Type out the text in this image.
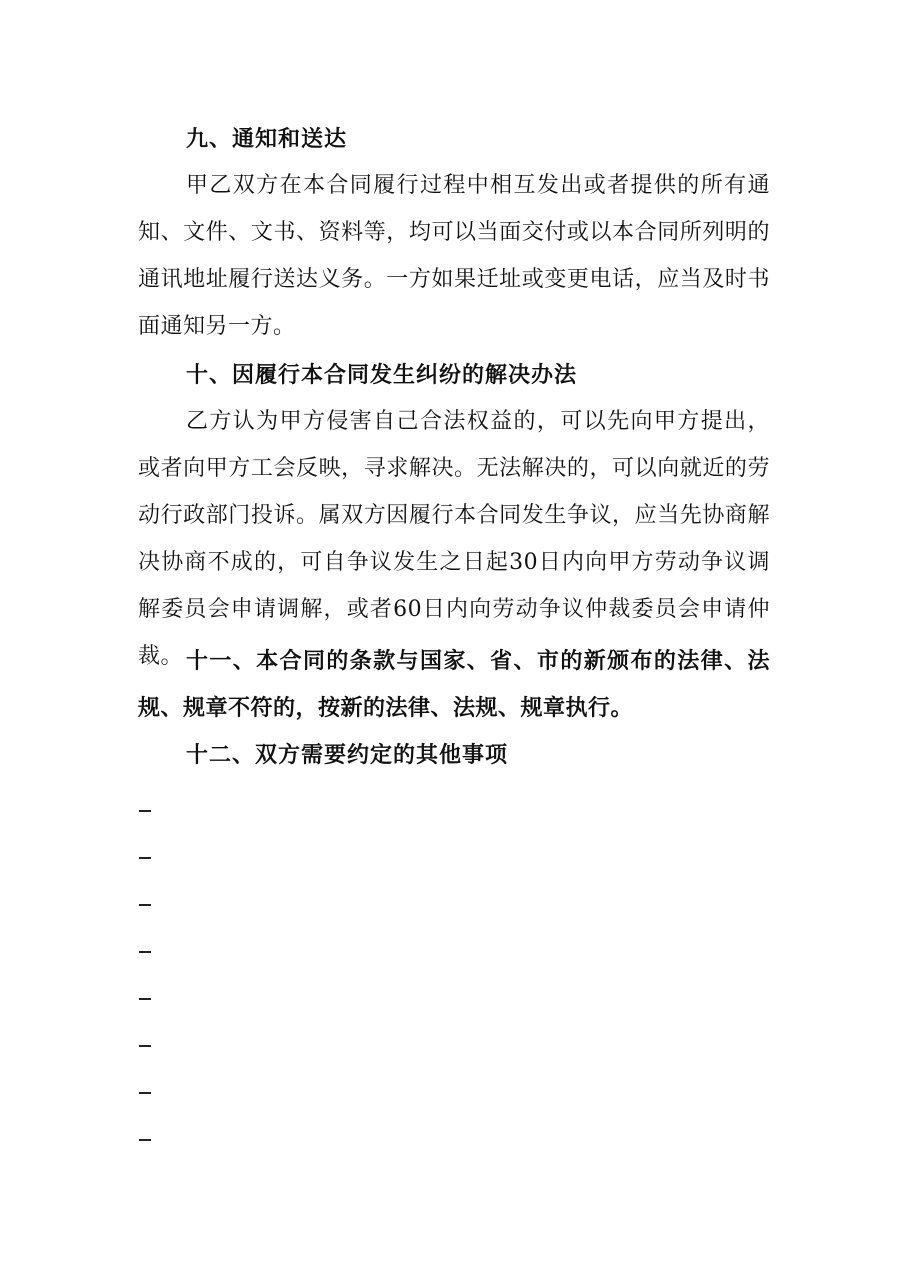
九、通知和送达
甲乙双方在本合同履行过程中相互发出或者提供的所有通知、文件、文书、资料等，均可以当面交付或以本合同所列明的通讯地址履行送达义务。一方如果迁址或变更电话，应当及时书面通知另一方。
十、因履行本合同发生纠纷的解决办法
乙方认为甲方侵害自己合法权益的，可以先向甲方提出，或者向甲方工会反映，寻求解决。无法解决的，可以向就近的劳动行政部门投诉。属双方因履行本合同发生争议，应当先协商解决协商不成的，可自争议发生之日起30日内向甲方劳动争议调解委员会申请调解，或者60日内向劳动争议仲裁委员会申请仲裁。 十一、本合同的条款与国家、省、市的新颁布的法律、法规、规章不符的，按新的法律、法规、规章执行。
十二、双方需要约定的其他事项
